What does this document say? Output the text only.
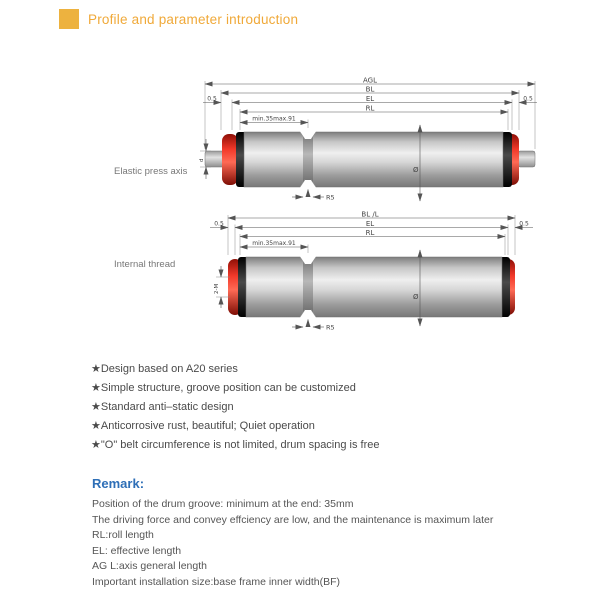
Profile and parameter introduction
Elastic press axis
Internal thread
AGL
BL
EL
0.5	0.5
RL
min.35max.91
R5
Ø
d
BL /L
EL
0.5	0.5
RL
min.35max.91
R5
Ø
2-M
★Design based on A20 series
★Simple structure, groove position can be customized
★Standard anti–static design
★Anticorrosive rust, beautiful; Quiet operation
★"O" belt circumference is not limited, drum spacing is free
Remark:
Position of the drum groove: minimum at the end: 35mm
The driving force and convey effciency are low, and the maintenance is maximum later
RL:roll length
EL: effective length
AG L:axis general length
Important installation size:base frame inner width(BF)
